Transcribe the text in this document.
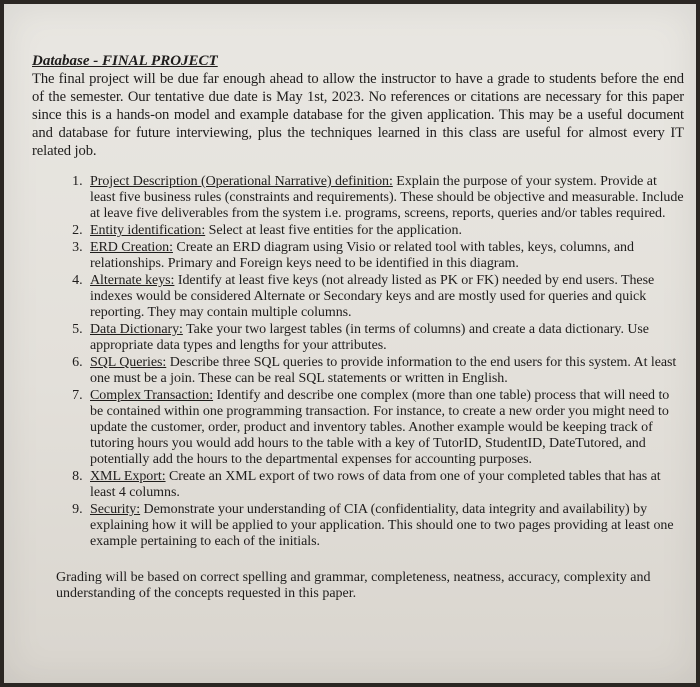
Database - FINAL PROJECT

The final project will be due far enough ahead to allow the instructor to have a grade to students before the end of the semester. Our tentative due date is May 1st, 2023. No references or citations are necessary for this paper since this is a hands-on model and example database for the given application. This may be a useful document and database for future interviewing, plus the techniques learned in this class are useful for almost every IT related job.

1. Project Description (Operational Narrative) definition: Explain the purpose of your system. Provide at least five business rules (constraints and requirements). These should be objective and measurable. Include at leave five deliverables from the system i.e. programs, screens, reports, queries and/or tables required.
2. Entity identification: Select at least five entities for the application.
3. ERD Creation: Create an ERD diagram using Visio or related tool with tables, keys, columns, and relationships. Primary and Foreign keys need to be identified in this diagram.
4. Alternate keys: Identify at least five keys (not already listed as PK or FK) needed by end users. These indexes would be considered Alternate or Secondary keys and are mostly used for queries and quick reporting. They may contain multiple columns.
5. Data Dictionary: Take your two largest tables (in terms of columns) and create a data dictionary. Use appropriate data types and lengths for your attributes.
6. SQL Queries: Describe three SQL queries to provide information to the end users for this system. At least one must be a join. These can be real SQL statements or written in English.
7. Complex Transaction: Identify and describe one complex (more than one table) process that will need to be contained within one programming transaction. For instance, to create a new order you might need to update the customer, order, product and inventory tables. Another example would be keeping track of tutoring hours you would add hours to the table with a key of TutorID, StudentID, DateTutored, and potentially add the hours to the departmental expenses for accounting purposes.
8. XML Export: Create an XML export of two rows of data from one of your completed tables that has at least 4 columns.
9. Security: Demonstrate your understanding of CIA (confidentiality, data integrity and availability) by explaining how it will be applied to your application. This should one to two pages providing at least one example pertaining to each of the initials.

Grading will be based on correct spelling and grammar, completeness, neatness, accuracy, complexity and understanding of the concepts requested in this paper.
